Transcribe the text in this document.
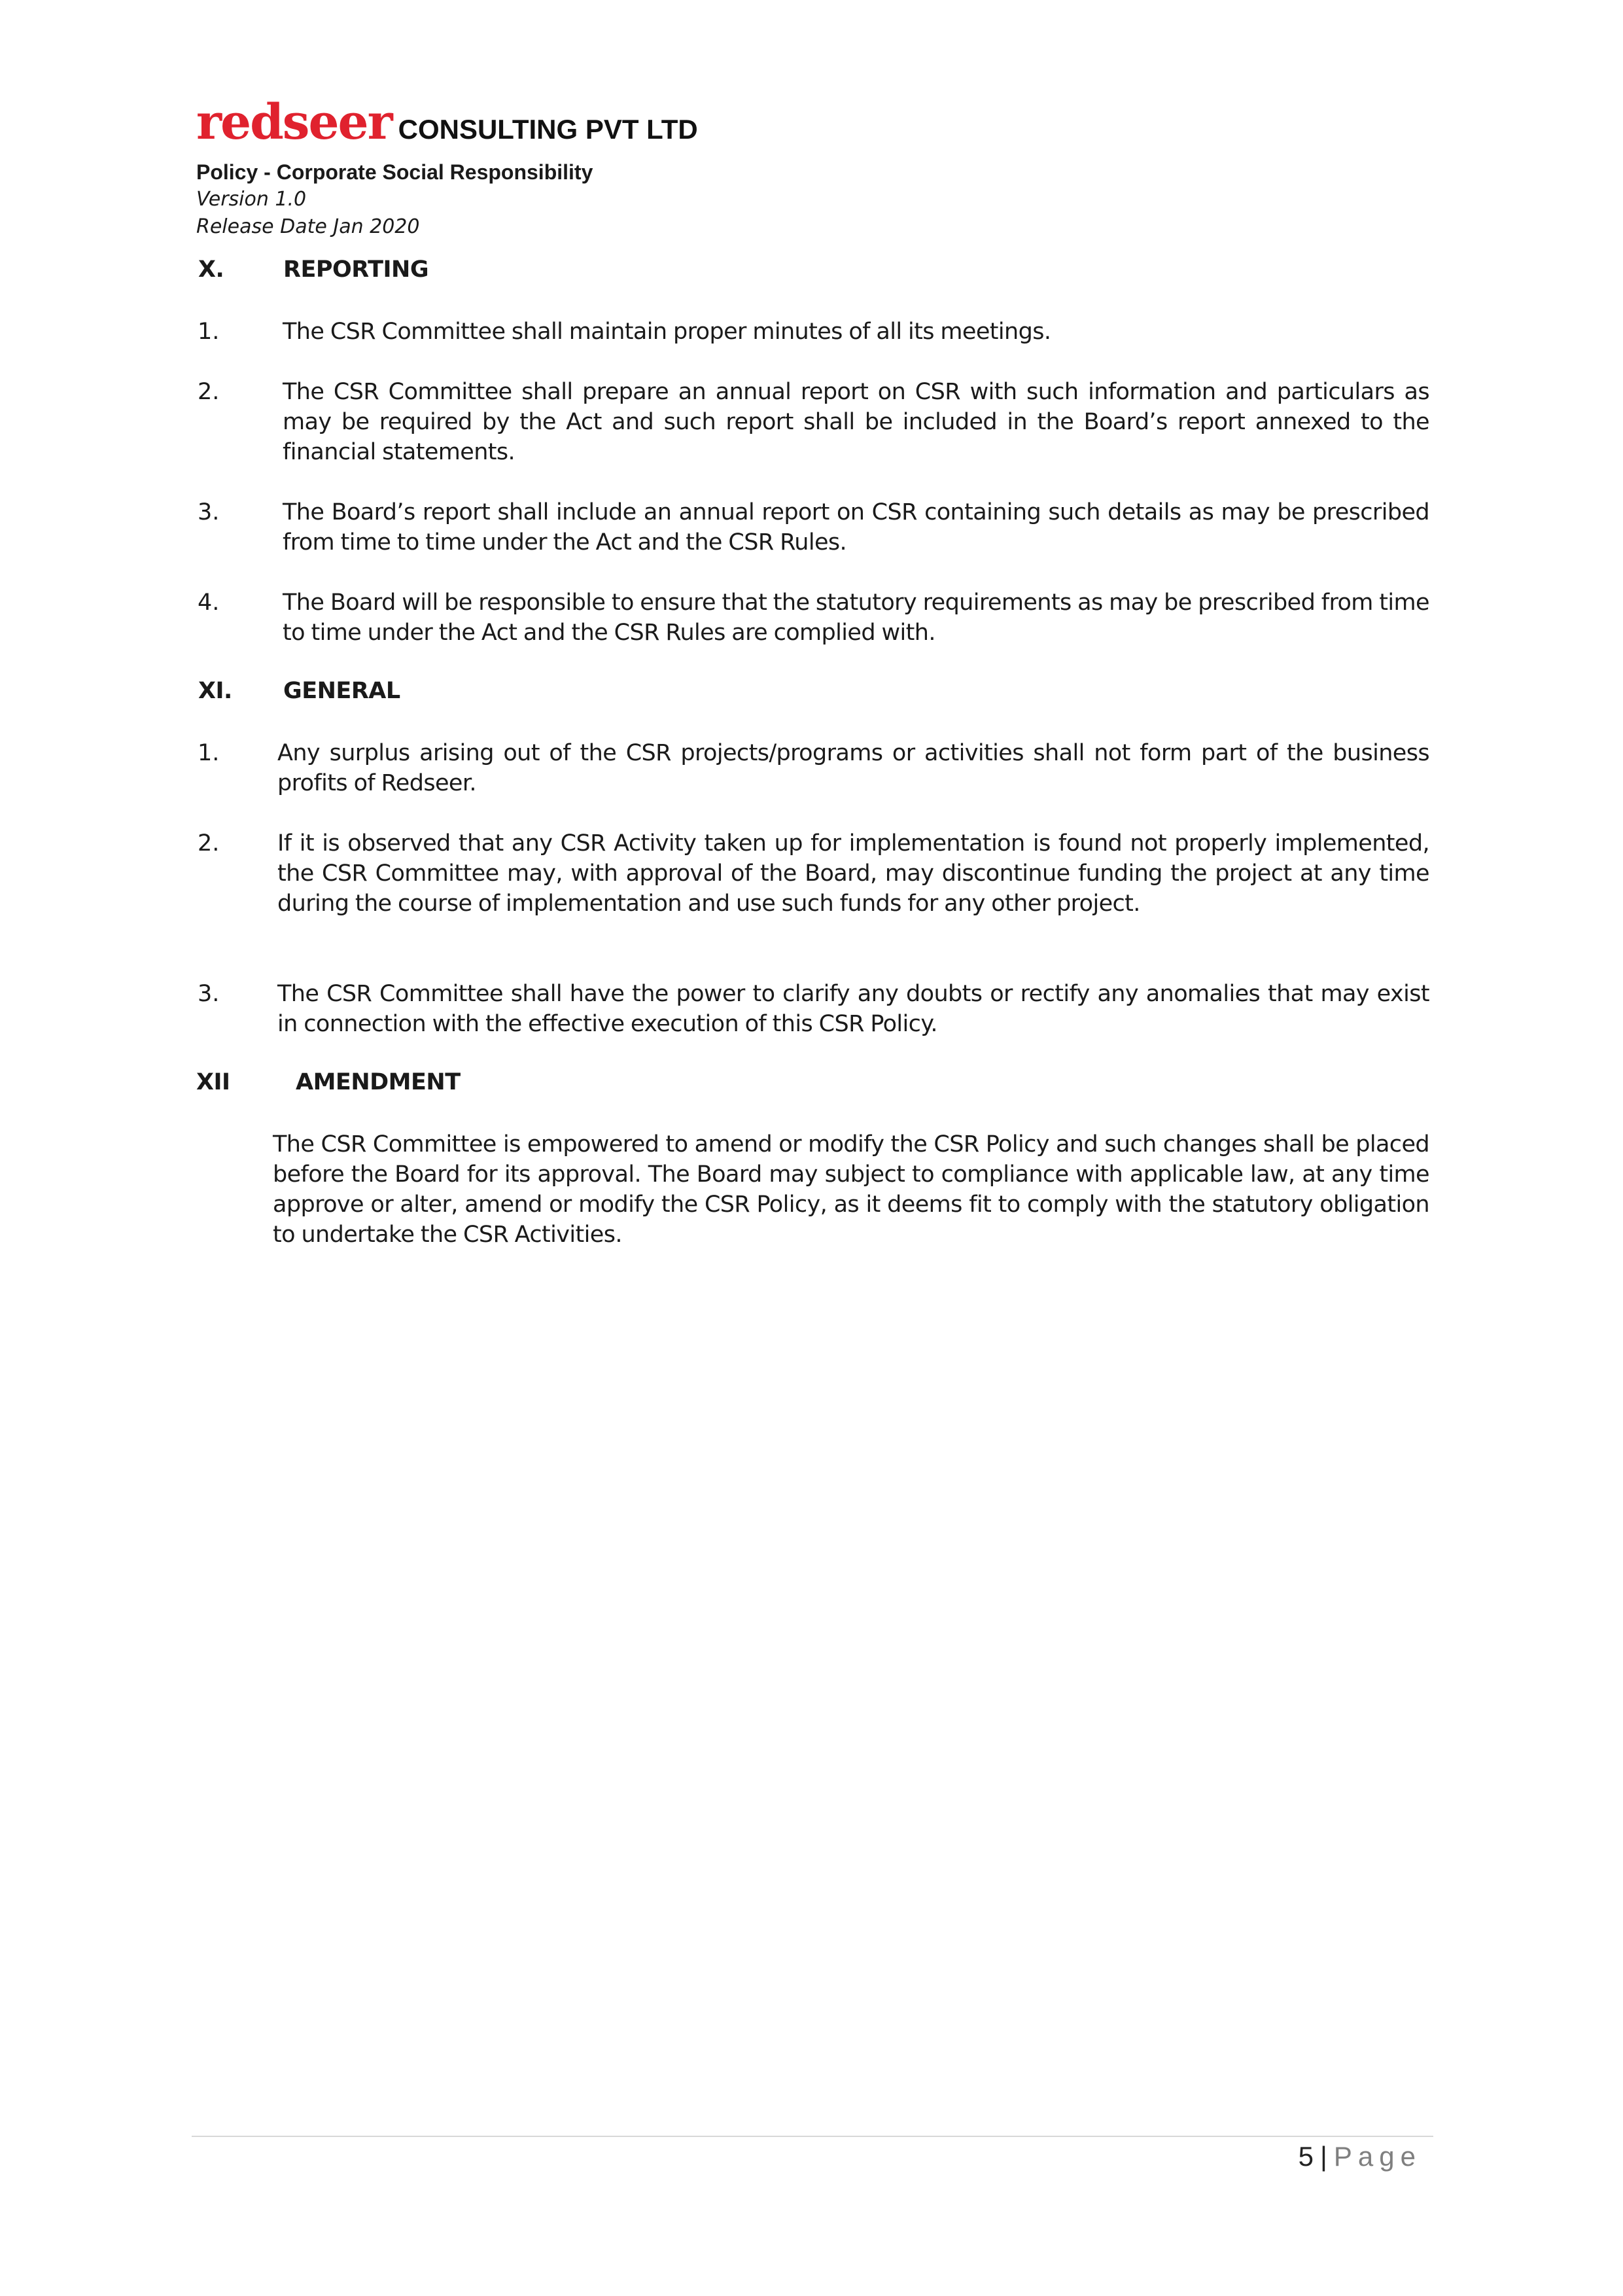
redseer CONSULTING PVT LTD
Policy - Corporate Social Responsibility
Version 1.0
Release Date Jan 2020
X.	REPORTING
1.	The CSR Committee shall maintain proper minutes of all its meetings.
2.	The CSR Committee shall prepare an annual report on CSR with such information and particulars as may be required by the Act and such report shall be included in the Board’s report annexed to the financial statements.
3.	The Board’s report shall include an annual report on CSR containing such details as may be prescribed from time to time under the Act and the CSR Rules.
4.	The Board will be responsible to ensure that the statutory requirements as may be prescribed from time to time under the Act and the CSR Rules are complied with.
XI. GENERAL
1.	Any surplus arising out of the CSR projects/programs or activities shall not form part of the business profits of Redseer.
2.	If it is observed that any CSR Activity taken up for implementation is found not properly implemented, the CSR Committee may, with approval of the Board, may discontinue funding the project at any time during the course of implementation and use such funds for any other project.
3.	The CSR Committee shall have the power to clarify any doubts or rectify any anomalies that may exist in connection with the effective execution of this CSR Policy.
XII	AMENDMENT
The CSR Committee is empowered to amend or modify the CSR Policy and such changes shall be placed before the Board for its approval. The Board may subject to compliance with applicable law, at any time approve or alter, amend or modify the CSR Policy, as it deems fit to comply with the statutory obligation to undertake the CSR Activities.
5 | Page
